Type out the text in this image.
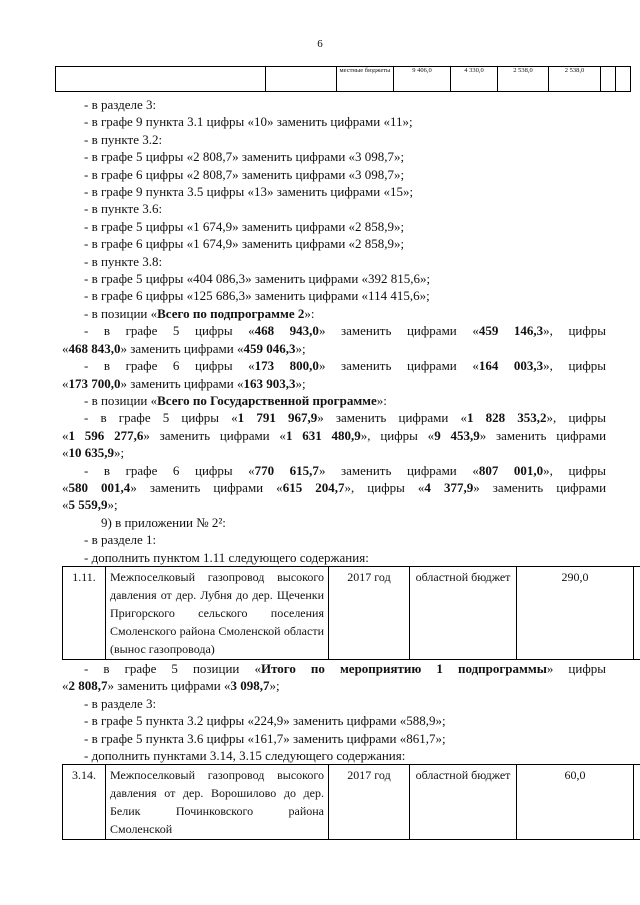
6
		местные бюджеты	9 406,0	4 330,0	2 538,0	2 538,0			

- в разделе 3:

- в графе 9 пункта 3.1 цифры «10» заменить цифрами «11»;

- в пункте 3.2:

- в графе 5 цифры «2 808,7» заменить цифрами «3 098,7»;

- в графе 6 цифры «2 808,7» заменить цифрами «3 098,7»;

- в графе 9 пункта 3.5 цифры «13» заменить цифрами «15»;

- в пункте 3.6:

- в графе 5 цифры «1 674,9» заменить цифрами «2 858,9»;

- в графе 6 цифры «1 674,9» заменить цифрами «2 858,9»;

- в пункте 3.8:

- в графе 5 цифры «404 086,3» заменить цифрами «392 815,6»;

- в графе 6 цифры «125 686,3» заменить цифрами «114 415,6»;

- в позиции «Всего по подпрограмме 2»:

- в графе 5 цифры «468 943,0» заменить цифрами «459 146,3», цифры

«468 843,0» заменить цифрами «459 046,3»;

- в графе 6 цифры «173 800,0» заменить цифрами «164 003,3», цифры

«173 700,0» заменить цифрами «163 903,3»;

- в позиции «Всего по Государственной программе»:

- в графе 5 цифры «1 791 967,9» заменить цифрами «1 828 353,2», цифры

«1 596 277,6» заменить цифрами «1 631 480,9», цифры «9 453,9» заменить цифрами

«10 635,9»;

- в графе 6 цифры «770 615,7» заменить цифрами «807 001,0», цифры

«580 001,4» заменить цифрами «615 204,7», цифры «4 377,9» заменить цифрами

«5 559,9»;

9) в приложении № 2²:

- в разделе 1:

- дополнить пунктом 1.11 следующего содержания:

1.11.	Межпоселковый газопровод высокого давления от дер. Лубня до дер. Щеченки Пригорского сельского поселения Смоленского района Смоленской области (вынос газопровода)	2017 год	областной бюджет	290,0		

- в графе 5 позиции «Итого по мероприятию 1 подпрограммы» цифры

«2 808,7» заменить цифрами «3 098,7»;

- в разделе 3:

- в графе 5 пункта 3.2 цифры «224,9» заменить цифрами «588,9»;

- в графе 5 пункта 3.6 цифры «161,7» заменить цифрами «861,7»;

- дополнить пунктами 3.14, 3.15 следующего содержания:

3.14.	Межпоселковый газопровод высокого давления от дер. Ворошилово до дер. Белик Починковского района Смоленской	2017 год	областной бюджет	60,0		
